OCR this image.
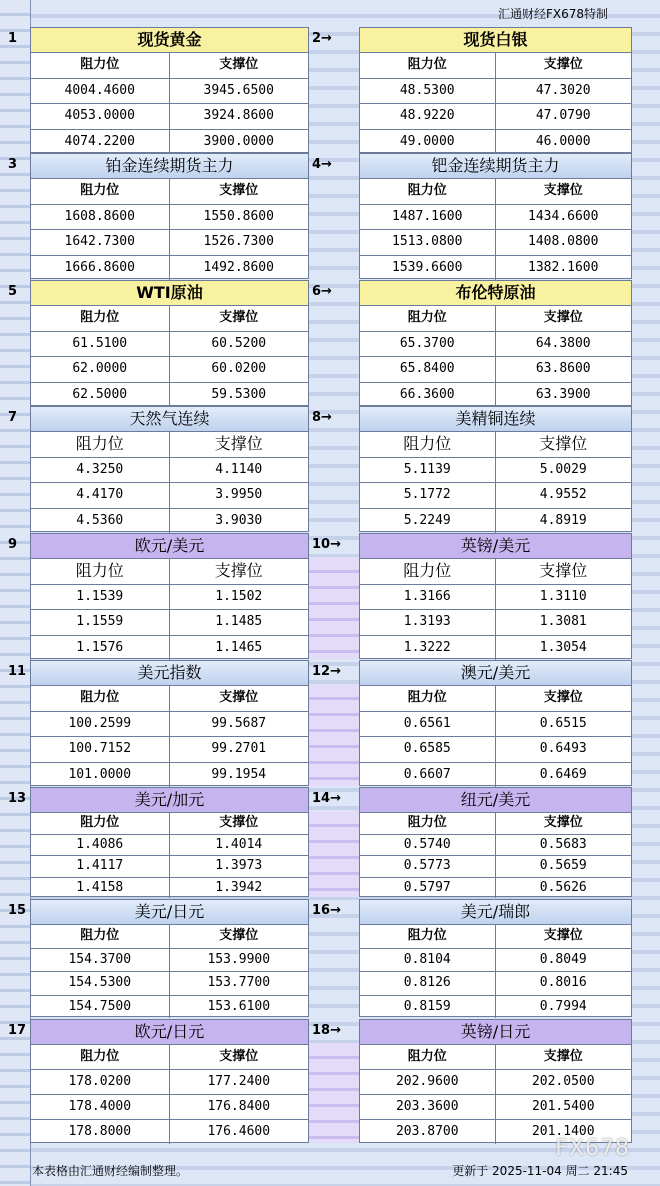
汇通财经FX678特制
1	现货黄金
阻力位	支撑位
4004.4600	3945.6500
4053.0000	3924.8600
4074.2200	3900.0000
2→	现货白银
阻力位	支撑位
48.5300	47.3020
48.9220	47.0790
49.0000	46.0000
3	铂金连续期货主力
阻力位	支撑位
1608.8600	1550.8600
1642.7300	1526.7300
1666.8600	1492.8600
4→	钯金连续期货主力
阻力位	支撑位
1487.1600	1434.6600
1513.0800	1408.0800
1539.6600	1382.1600
5	WTI原油
阻力位	支撑位
61.5100	60.5200
62.0000	60.0200
62.5000	59.5300
6→	布伦特原油
阻力位	支撑位
65.3700	64.3800
65.8400	63.8600
66.3600	63.3900
7	天然气连续
阻力位	支撑位
4.3250	4.1140
4.4170	3.9950
4.5360	3.9030
8→	美精铜连续
阻力位	支撑位
5.1139	5.0029
5.1772	4.9552
5.2249	4.8919
9	欧元/美元
阻力位	支撑位
1.1539	1.1502
1.1559	1.1485
1.1576	1.1465
10→	英镑/美元
阻力位	支撑位
1.3166	1.3110
1.3193	1.3081
1.3222	1.3054
11	美元指数
阻力位	支撑位
100.2599	99.5687
100.7152	99.2701
101.0000	99.1954
12→	澳元/美元
阻力位	支撑位
0.6561	0.6515
0.6585	0.6493
0.6607	0.6469
13	美元/加元
阻力位	支撑位
1.4086	1.4014
1.4117	1.3973
1.4158	1.3942
14→	纽元/美元
阻力位	支撑位
0.5740	0.5683
0.5773	0.5659
0.5797	0.5626
15	美元/日元
阻力位	支撑位
154.3700	153.9900
154.5300	153.7700
154.7500	153.6100
16→	美元/瑞郎
阻力位	支撑位
0.8104	0.8049
0.8126	0.8016
0.8159	0.7994
17	欧元/日元
阻力位	支撑位
178.0200	177.2400
178.4000	176.8400
178.8000	176.4600
18→	英镑/日元
阻力位	支撑位
202.9600	202.0500
203.3600	201.5400
203.8700	201.1400
本表格由汇通财经编制整理。	更新于 2025-11-04 周二 21:45
FX678
